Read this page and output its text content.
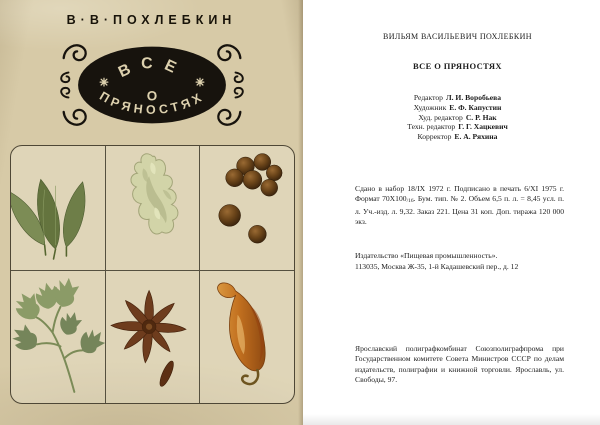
В·В·ПОХЛЕБКИН
ВСЕ
О
ПРЯНОСТЯХ
ВИЛЬЯМ ВАСИЛЬЕВИЧ ПОХЛЕБКИН
ВСЕ О ПРЯНОСТЯХ
Редактор Л. И. Воробьева
Художник Е. Ф. Капустин
Худ. редактор С. Р. Нак
Техн. редактор Г. Г. Хацкевич
Корректор Е. А. Ряхина
Сдано в набор 18/IX 1972 г. Подписано в печать 6/XI 1975 г. Формат 70X100/16. Бум. тип. № 2. Объем 6,5 п. л. = 8,45 усл. п. л. Уч.-изд. л. 9,32. Заказ 221. Цена 31 коп. Доп. тиража 120 000 экз.
Издательство «Пищевая промышленность».
113035, Москва Ж-35, 1-й Кадашевский пер., д. 12
Ярославский полиграфкомбинат Союзполиграфпрома при Государственном комитете Совета Министров СССР по делам издательств, полиграфии и книжной торговли. Ярославль, ул. Свободы, 97.
